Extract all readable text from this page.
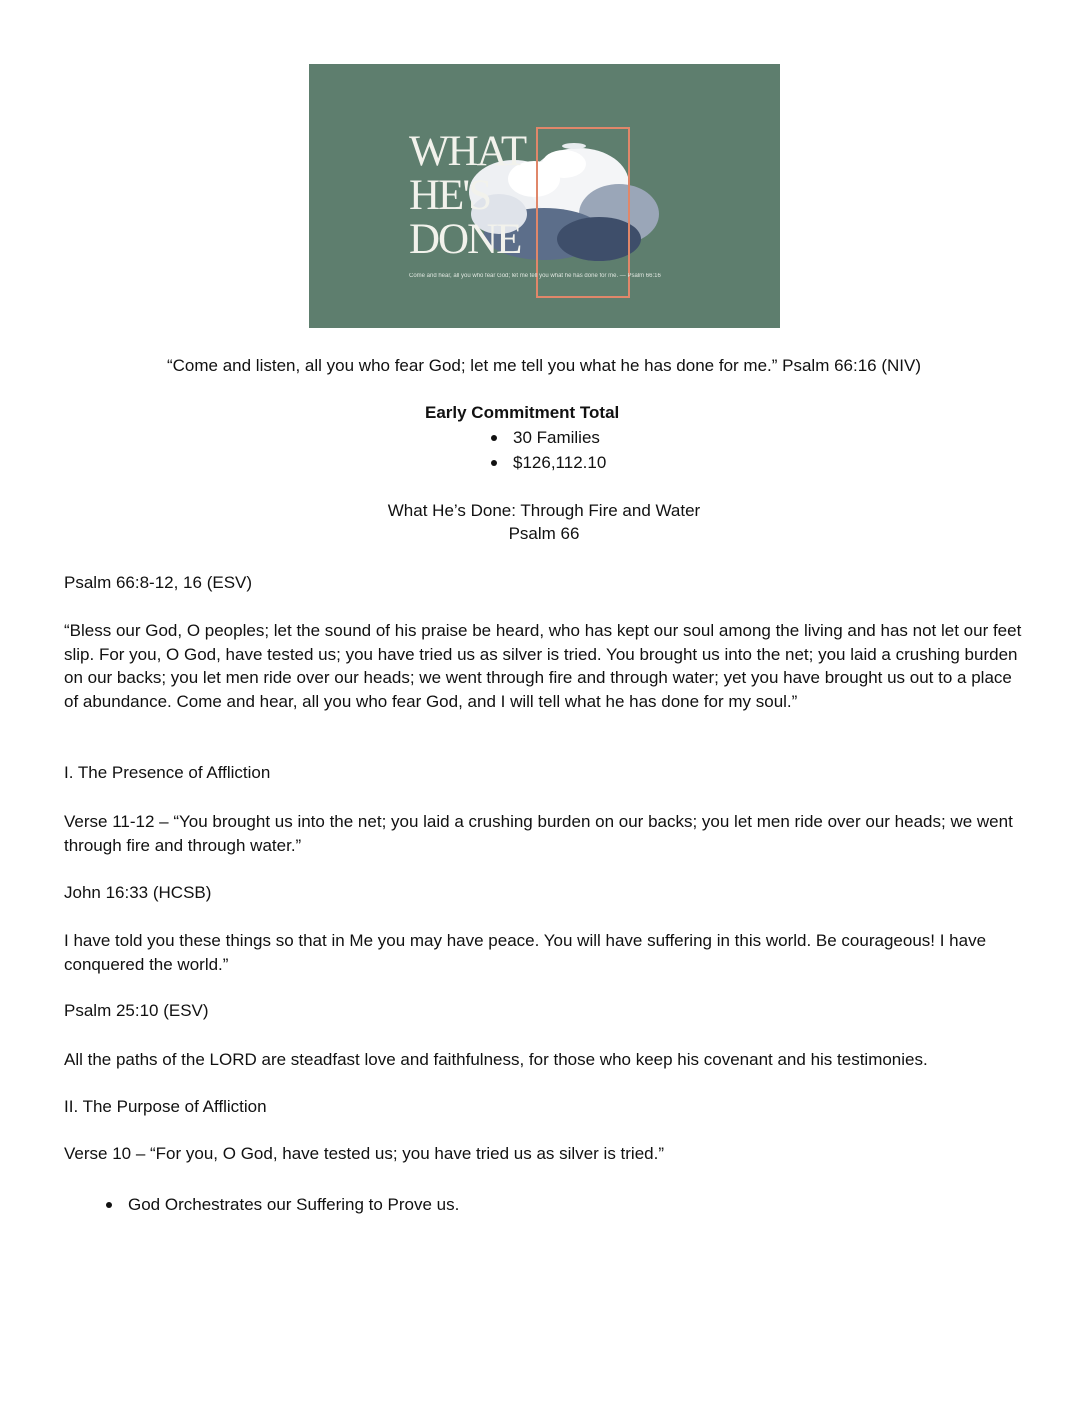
WHAT
HE'S
DONE
Come and hear, all you who fear God; let me tell you what he has done for me. — Psalm 66:16
“Come and listen, all you who fear God; let me tell you what he has done for me.” Psalm 66:16 (NIV)
Early Commitment Total
30 Families
$126,112.10
What He’s Done: Through Fire and Water
Psalm 66
Psalm 66:8-12, 16 (ESV)
“Bless our God, O peoples; let the sound of his praise be heard, who has kept our soul among the living and has not let our feet slip. For you, O God, have tested us; you have tried us as silver is tried. You brought us into the net; you laid a crushing burden on our backs; you let men ride over our heads; we went through fire and through water; yet you have brought us out to a place of abundance. Come and hear, all you who fear God, and I will tell what he has done for my soul.”
I. The Presence of Affliction
Verse 11-12 – “You brought us into the net; you laid a crushing burden on our backs; you let men ride over our heads; we went through fire and through water.”
John 16:33 (HCSB)
I have told you these things so that in Me you may have peace. You will have suffering in this world. Be courageous! I have conquered the world.”
Psalm 25:10 (ESV)
All the paths of the LORD are steadfast love and faithfulness, for those who keep his covenant and his testimonies.
II. The Purpose of Affliction
Verse 10 – “For you, O God, have tested us; you have tried us as silver is tried.”
God Orchestrates our Suffering to Prove us.
